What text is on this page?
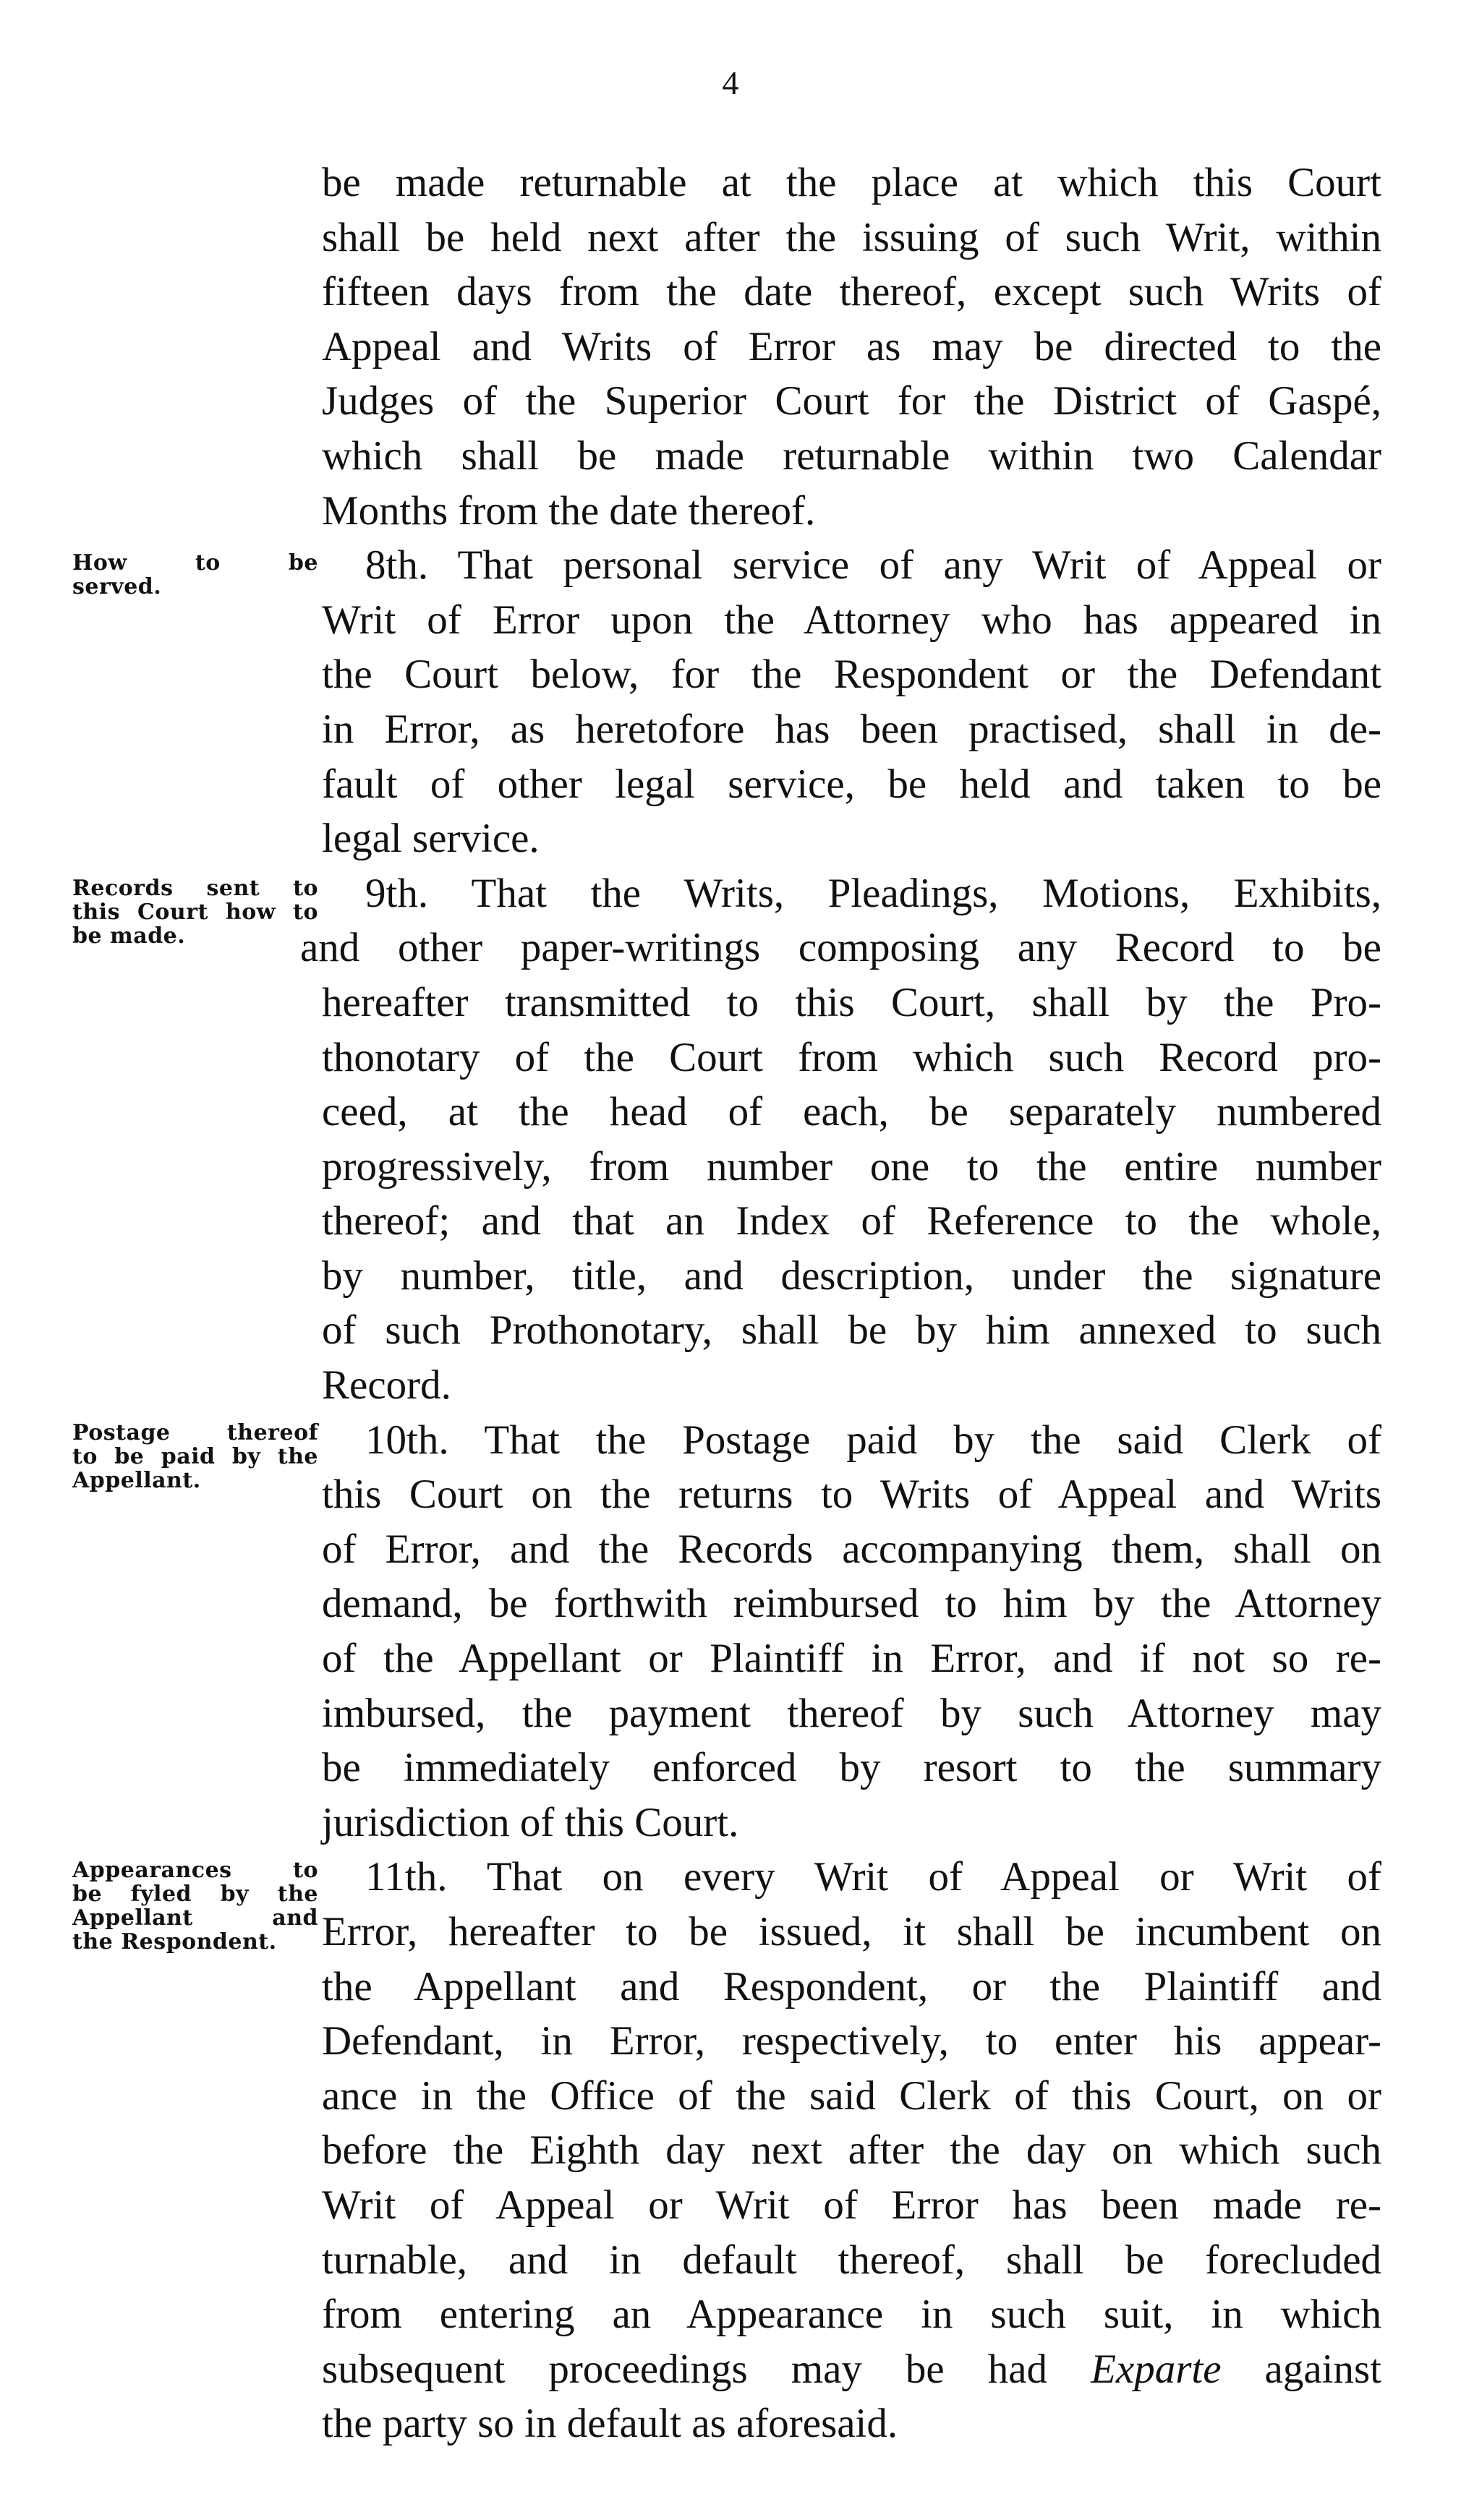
4
How to be
served.
Records sent to
this Court how to
be made.
Postage thereof
to be paid by the
Appellant.
Appearances to
be fyled by the
Appellant and
the Respondent.
be made returnable at the place at which this Court
shall be held next after the issuing of such Writ, within
fifteen days from the date thereof, except such Writs of
Appeal and Writs of Error as may be directed to the
Judges of the Superior Court for the District of Gaspé,
which shall be made returnable within two Calendar
Months from the date thereof.
8th. That personal service of any Writ of Appeal or
Writ of Error upon the Attorney who has appeared in
the Court below, for the Respondent or the Defendant
in Error, as heretofore has been practised, shall in de-
fault of other legal service, be held and taken to be
legal service.
9th. That the Writs, Pleadings, Motions, Exhibits,
and other paper-writings composing any Record to be
hereafter transmitted to this Court, shall by the Pro-
thonotary of the Court from which such Record pro-
ceed, at the head of each, be separately numbered
progressively, from number one to the entire number
thereof; and that an Index of Reference to the whole,
by number, title, and description, under the signature
of such Prothonotary, shall be by him annexed to such
Record.
10th. That the Postage paid by the said Clerk of
this Court on the returns to Writs of Appeal and Writs
of Error, and the Records accompanying them, shall on
demand, be forthwith reimbursed to him by the Attorney
of the Appellant or Plaintiff in Error, and if not so re-
imbursed, the payment thereof by such Attorney may
be immediately enforced by resort to the summary
jurisdiction of this Court.
11th. That on every Writ of Appeal or Writ of
Error, hereafter to be issued, it shall be incumbent on
the Appellant and Respondent, or the Plaintiff and
Defendant, in Error, respectively, to enter his appear-
ance in the Office of the said Clerk of this Court, on or
before the Eighth day next after the day on which such
Writ of Appeal or Writ of Error has been made re-
turnable, and in default thereof, shall be forecluded
from entering an Appearance in such suit, in which
subsequent proceedings may be had Exparte against
the party so in default as aforesaid.
